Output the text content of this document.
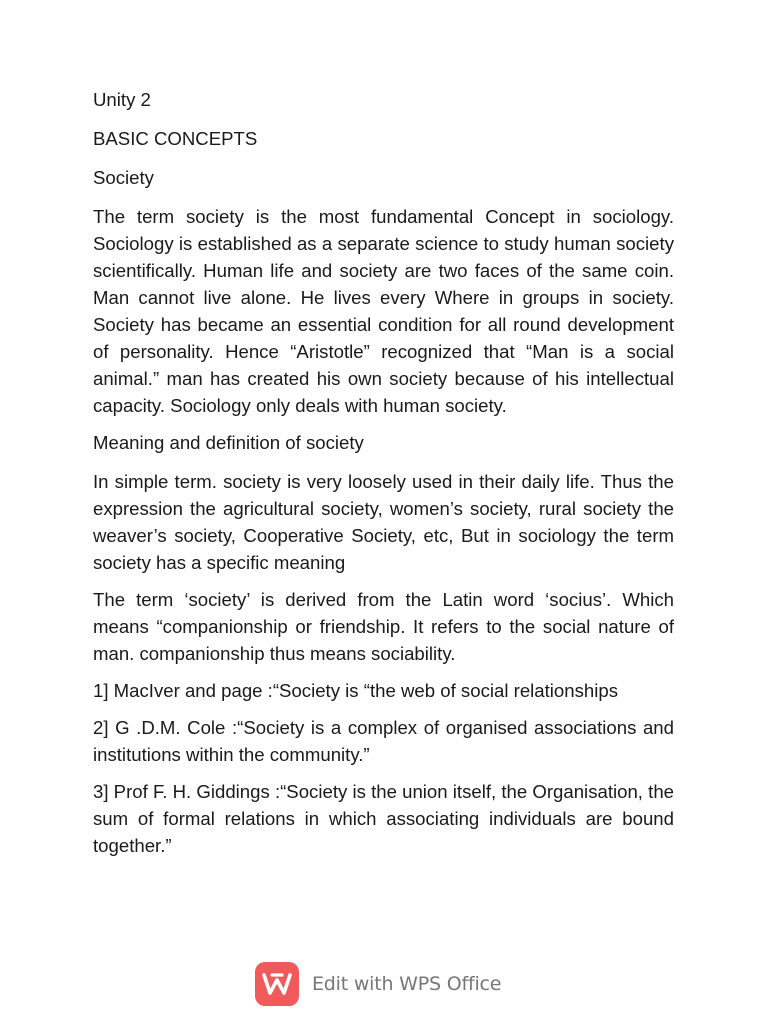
Unity 2

BASIC CONCEPTS

Society

The term society is the most fundamental Concept in sociology. Sociology is established as a separate science to study human society scientifically. Human life and society are two faces of the same coin. Man cannot live alone. He lives every Where in groups in society. Society has became an essential condition for all round development of personality. Hence “Aristotle” recognized that “Man is a social animal.” man has created his own society because of his intellectual capacity. Sociology only deals with human society.

Meaning and definition of society

In simple term. society is very loosely used in their daily life. Thus the expression the agricultural society, women’s society, rural society the weaver’s society, Cooperative Society, etc, But in sociology the term society has a specific meaning

The term ‘society’ is derived from the Latin word ‘socius’. Which means “companionship or friendship. It refers to the social nature of man. companionship thus means sociability.

1] MacIver and page :“Society is “the web of social relationships

2] G .D.M. Cole :“Society is a complex of organised associations and institutions within the community.”

3] Prof F. H. Giddings :“Society is the union itself, the Organisation, the sum of formal relations in which associating individuals are bound together.”

Edit with WPS Office
